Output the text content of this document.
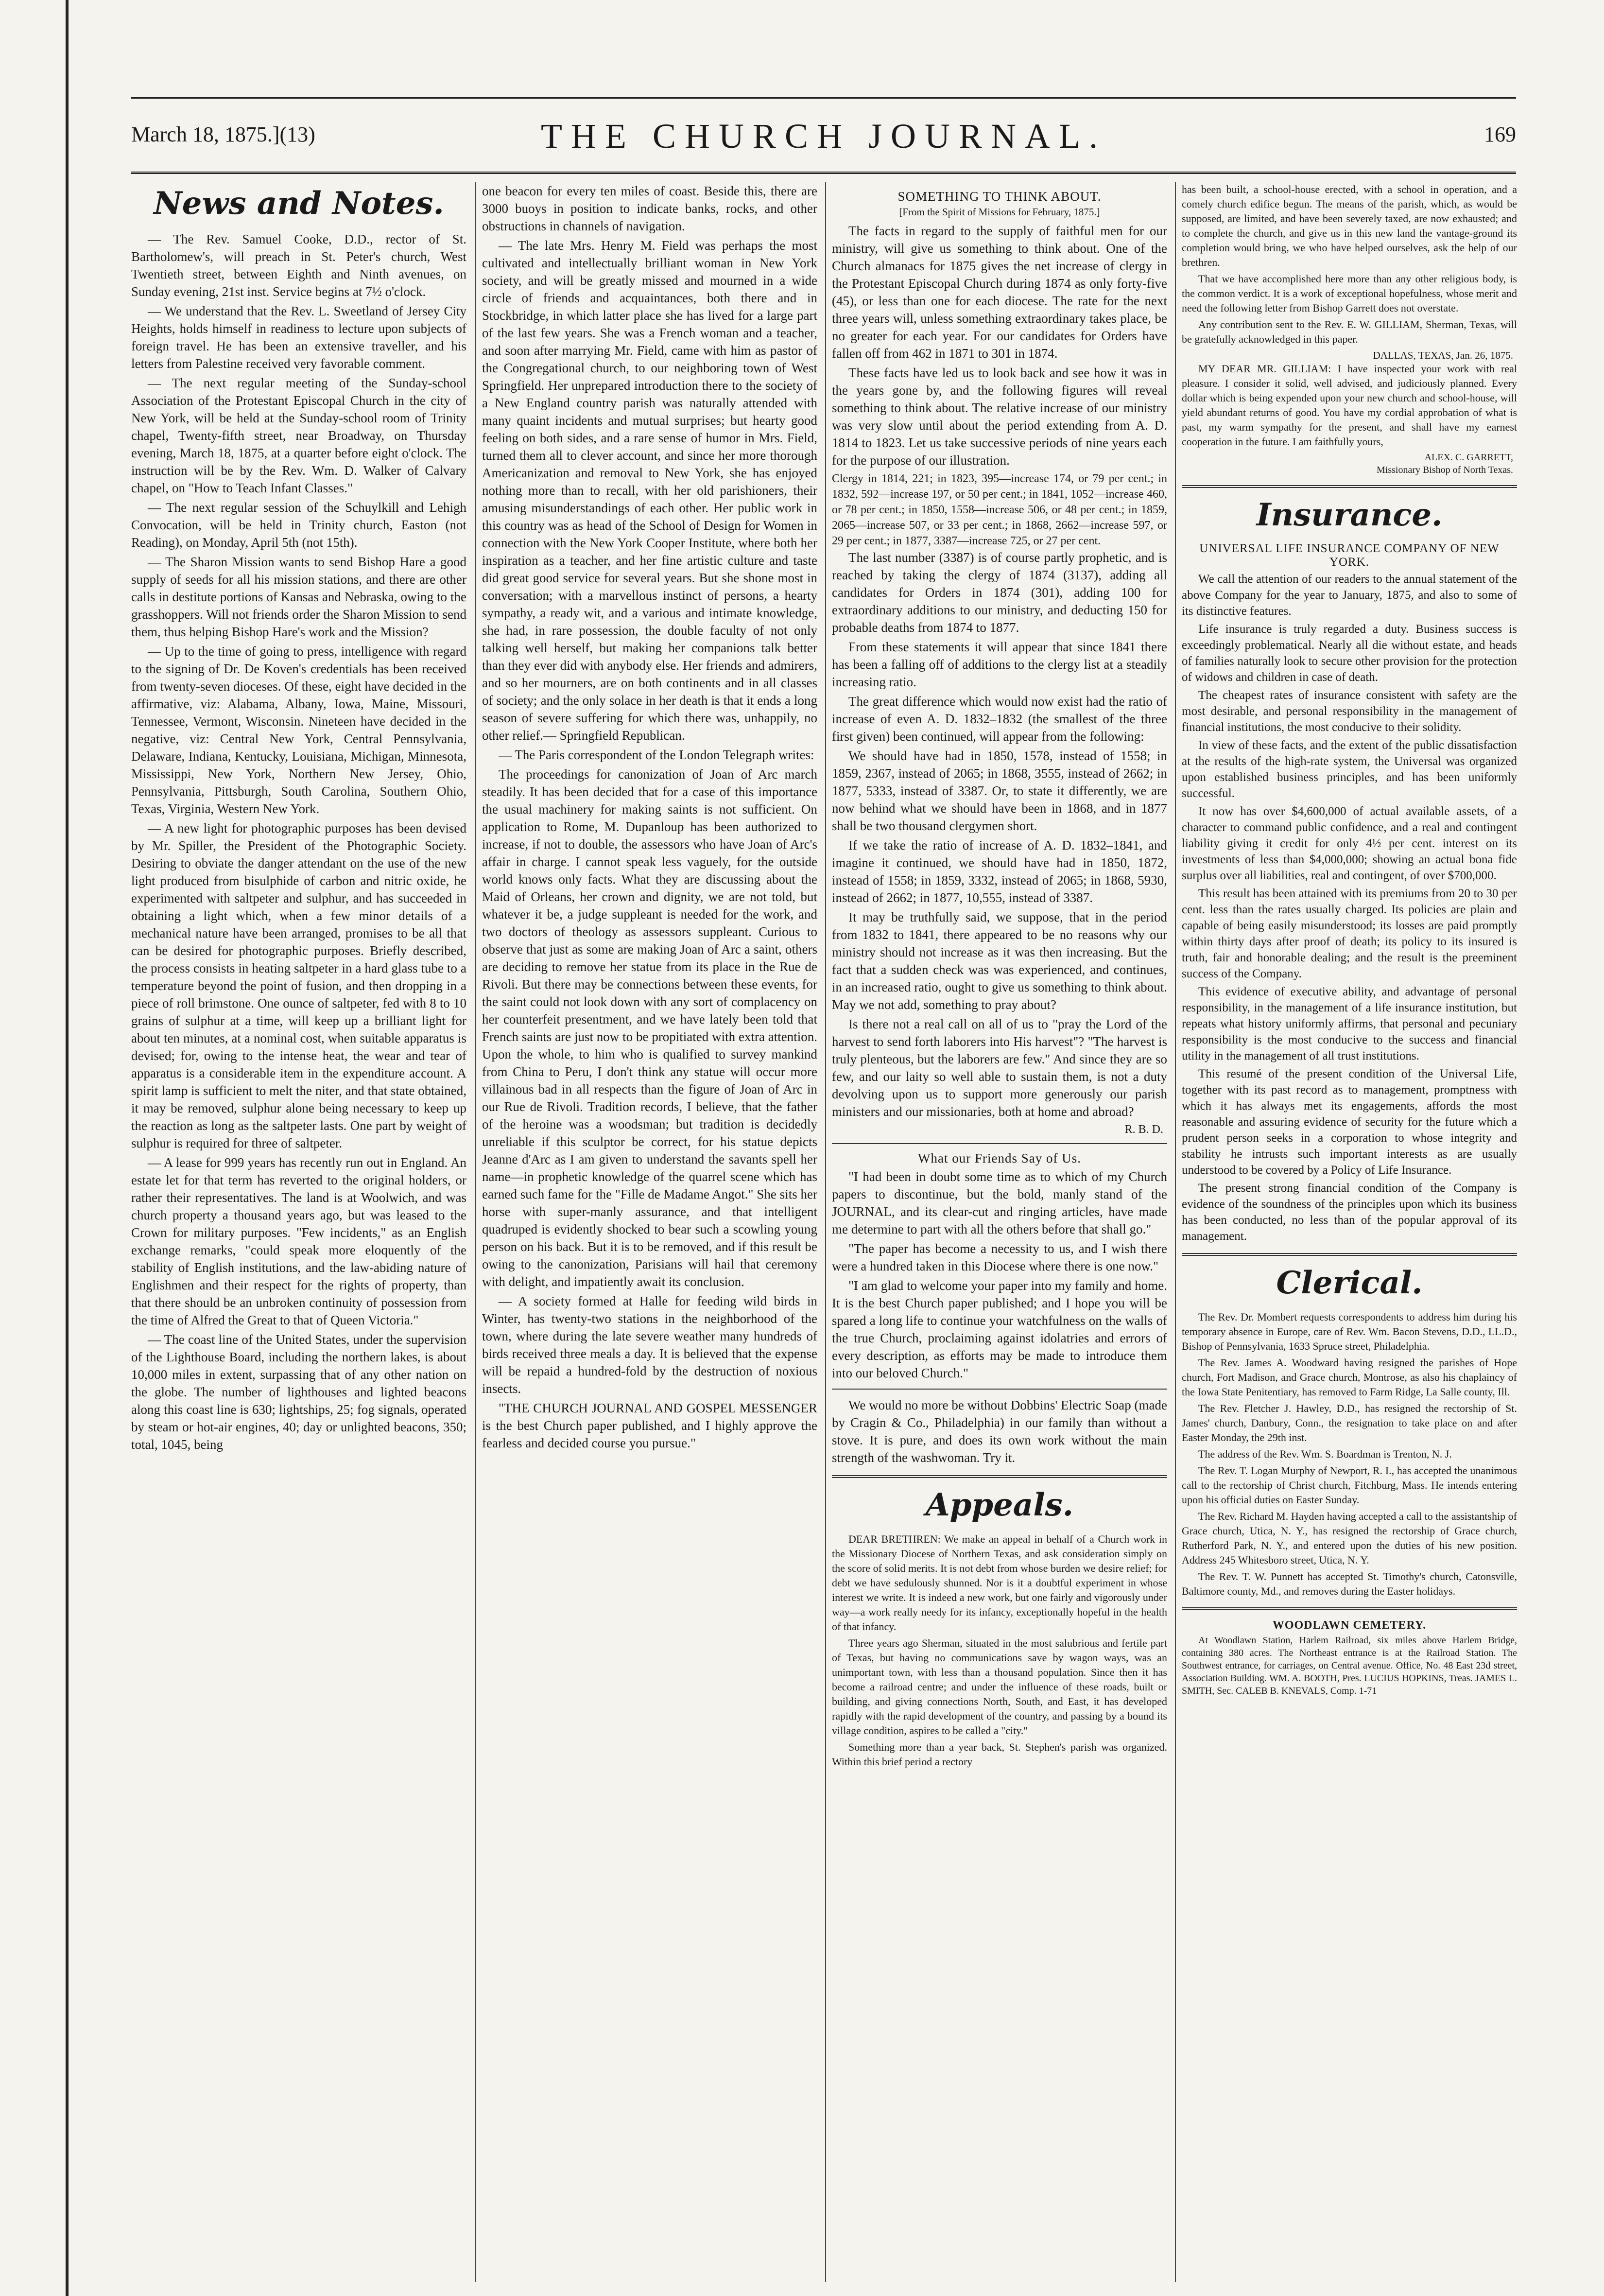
March 18, 1875.](13)	THE CHURCH JOURNAL.	169
News and Notes.

— The Rev. Samuel Cooke, D.D., rector of St. Bartholomew's, will preach in St. Peter's church, West Twentieth street, between Eighth and Ninth avenues, on Sunday evening, 21st inst. Service begins at 7½ o'clock.

— We understand that the Rev. L. Sweetland of Jersey City Heights, holds himself in readiness to lecture upon subjects of foreign travel. He has been an extensive traveller, and his letters from Palestine received very favorable comment.

— The next regular meeting of the Sunday-school Association of the Protestant Episcopal Church in the city of New York, will be held at the Sunday-school room of Trinity chapel, Twenty-fifth street, near Broadway, on Thursday evening, March 18, 1875, at a quarter before eight o'clock. The instruction will be by the Rev. Wm. D. Walker of Calvary chapel, on "How to Teach Infant Classes."

— The next regular session of the Schuylkill and Lehigh Convocation, will be held in Trinity church, Easton (not Reading), on Monday, April 5th (not 15th).

— The Sharon Mission wants to send Bishop Hare a good supply of seeds for all his mission stations, and there are other calls in destitute portions of Kansas and Nebraska, owing to the grasshoppers. Will not friends order the Sharon Mission to send them, thus helping Bishop Hare's work and the Mission?

— Up to the time of going to press, intelligence with regard to the signing of Dr. De Koven's credentials has been received from twenty-seven dioceses. Of these, eight have decided in the affirmative, viz: Alabama, Albany, Iowa, Maine, Missouri, Tennessee, Vermont, Wisconsin. Nineteen have decided in the negative, viz: Central New York, Central Pennsylvania, Delaware, Indiana, Kentucky, Louisiana, Michigan, Minnesota, Mississippi, New York, Northern New Jersey, Ohio, Pennsylvania, Pittsburgh, South Carolina, Southern Ohio, Texas, Virginia, Western New York.

— A new light for photographic purposes has been devised by Mr. Spiller, the President of the Photographic Society. Desiring to obviate the danger attendant on the use of the new light produced from bisulphide of carbon and nitric oxide, he experimented with saltpeter and sulphur, and has succeeded in obtaining a light which, when a few minor details of a mechanical nature have been arranged, promises to be all that can be desired for photographic purposes. Briefly described, the process consists in heating saltpeter in a hard glass tube to a temperature beyond the point of fusion, and then dropping in a piece of roll brimstone. One ounce of saltpeter, fed with 8 to 10 grains of sulphur at a time, will keep up a brilliant light for about ten minutes, at a nominal cost, when suitable apparatus is devised; for, owing to the intense heat, the wear and tear of apparatus is a considerable item in the expenditure account. A spirit lamp is sufficient to melt the niter, and that state obtained, it may be removed, sulphur alone being necessary to keep up the reaction as long as the saltpeter lasts. One part by weight of sulphur is required for three of saltpeter.

— A lease for 999 years has recently run out in England. An estate let for that term has reverted to the original holders, or rather their representatives. The land is at Woolwich, and was church property a thousand years ago, but was leased to the Crown for military purposes. "Few incidents," as an English exchange remarks, "could speak more eloquently of the stability of English institutions, and the law-abiding nature of Englishmen and their respect for the rights of property, than that there should be an unbroken continuity of possession from the time of Alfred the Great to that of Queen Victoria."

— The coast line of the United States, under the supervision of the Lighthouse Board, including the northern lakes, is about 10,000 miles in extent, surpassing that of any other nation on the globe. The number of lighthouses and lighted beacons along this coast line is 630; lightships, 25; fog signals, operated by steam or hot-air engines, 40; day or unlighted beacons, 350; total, 1045, being

one beacon for every ten miles of coast. Beside this, there are 3000 buoys in position to indicate banks, rocks, and other obstructions in channels of navigation.

— The late Mrs. Henry M. Field was perhaps the most cultivated and intellectually brilliant woman in New York society, and will be greatly missed and mourned in a wide circle of friends and acquaintances, both there and in Stockbridge, in which latter place she has lived for a large part of the last few years. She was a French woman and a teacher, and soon after marrying Mr. Field, came with him as pastor of the Congregational church, to our neighboring town of West Springfield. Her unprepared introduction there to the society of a New England country parish was naturally attended with many quaint incidents and mutual surprises; but hearty good feeling on both sides, and a rare sense of humor in Mrs. Field, turned them all to clever account, and since her more thorough Americanization and removal to New York, she has enjoyed nothing more than to recall, with her old parishioners, their amusing misunderstandings of each other. Her public work in this country was as head of the School of Design for Women in connection with the New York Cooper Institute, where both her inspiration as a teacher, and her fine artistic culture and taste did great good service for several years. But she shone most in conversation; with a marvellous instinct of persons, a hearty sympathy, a ready wit, and a various and intimate knowledge, she had, in rare possession, the double faculty of not only talking well herself, but making her companions talk better than they ever did with anybody else. Her friends and admirers, and so her mourners, are on both continents and in all classes of society; and the only solace in her death is that it ends a long season of severe suffering for which there was, unhappily, no other relief.— Springfield Republican.

— The Paris correspondent of the London Telegraph writes:

The proceedings for canonization of Joan of Arc march steadily. It has been decided that for a case of this importance the usual machinery for making saints is not sufficient. On application to Rome, M. Dupanloup has been authorized to increase, if not to double, the assessors who have Joan of Arc's affair in charge. I cannot speak less vaguely, for the outside world knows only facts. What they are discussing about the Maid of Orleans, her crown and dignity, we are not told, but whatever it be, a judge suppleant is needed for the work, and two doctors of theology as assessors suppleant. Curious to observe that just as some are making Joan of Arc a saint, others are deciding to remove her statue from its place in the Rue de Rivoli. But there may be connections between these events, for the saint could not look down with any sort of complacency on her counterfeit presentment, and we have lately been told that French saints are just now to be propitiated with extra attention. Upon the whole, to him who is qualified to survey mankind from China to Peru, I don't think any statue will occur more villainous bad in all respects than the figure of Joan of Arc in our Rue de Rivoli. Tradition records, I believe, that the father of the heroine was a woodsman; but tradition is decidedly unreliable if this sculptor be correct, for his statue depicts Jeanne d'Arc as I am given to understand the savants spell her name—in prophetic knowledge of the quarrel scene which has earned such fame for the "Fille de Madame Angot." She sits her horse with super-manly assurance, and that intelligent quadruped is evidently shocked to bear such a scowling young person on his back. But it is to be removed, and if this result be owing to the canonization, Parisians will hail that ceremony with delight, and impatiently await its conclusion.

— A society formed at Halle for feeding wild birds in Winter, has twenty-two stations in the neighborhood of the town, where during the late severe weather many hundreds of birds received three meals a day. It is believed that the expense will be repaid a hundred-fold by the destruction of noxious insects.

"THE CHURCH JOURNAL AND GOSPEL MESSENGER is the best Church paper published, and I highly approve the fearless and decided course you pursue."

SOMETHING TO THINK ABOUT.
[From the Spirit of Missions for February, 1875.]

The facts in regard to the supply of faithful men for our ministry, will give us something to think about. One of the Church almanacs for 1875 gives the net increase of clergy in the Protestant Episcopal Church during 1874 as only forty-five (45), or less than one for each diocese. The rate for the next three years will, unless something extraordinary takes place, be no greater for each year. For our candidates for Orders have fallen off from 462 in 1871 to 301 in 1874.

These facts have led us to look back and see how it was in the years gone by, and the following figures will reveal something to think about. The relative increase of our ministry was very slow until about the period extending from A. D. 1814 to 1823. Let us take successive periods of nine years each for the purpose of our illustration.

Clergy in 1814, 221; in 1823, 395—increase 174, or 79 per cent.; in 1832, 592—increase 197, or 50 per cent.; in 1841, 1052—increase 460, or 78 per cent.; in 1850, 1558—increase 506, or 48 per cent.; in 1859, 2065—increase 507, or 33 per cent.; in 1868, 2662—increase 597, or 29 per cent.; in 1877, 3387—increase 725, or 27 per cent.

The last number (3387) is of course partly prophetic, and is reached by taking the clergy of 1874 (3137), adding all candidates for Orders in 1874 (301), adding 100 for extraordinary additions to our ministry, and deducting 150 for probable deaths from 1874 to 1877.

From these statements it will appear that since 1841 there has been a falling off of additions to the clergy list at a steadily increasing ratio.

The great difference which would now exist had the ratio of increase of even A. D. 1832–1832 (the smallest of the three first given) been continued, will appear from the following:

We should have had in 1850, 1578, instead of 1558; in 1859, 2367, instead of 2065; in 1868, 3555, instead of 2662; in 1877, 5333, instead of 3387. Or, to state it differently, we are now behind what we should have been in 1868, and in 1877 shall be two thousand clergymen short.

If we take the ratio of increase of A. D. 1832–1841, and imagine it continued, we should have had in 1850, 1872, instead of 1558; in 1859, 3332, instead of 2065; in 1868, 5930, instead of 2662; in 1877, 10,555, instead of 3387.

It may be truthfully said, we suppose, that in the period from 1832 to 1841, there appeared to be no reasons why our ministry should not increase as it was then increasing. But the fact that a sudden check was was experienced, and continues, in an increased ratio, ought to give us something to think about. May we not add, something to pray about?

Is there not a real call on all of us to "pray the Lord of the harvest to send forth laborers into His harvest"? "The harvest is truly plenteous, but the laborers are few." And since they are so few, and our laity so well able to sustain them, is not a duty devolving upon us to support more generously our parish ministers and our missionaries, both at home and abroad?

R. B. D.
What our Friends Say of Us.

"I had been in doubt some time as to which of my Church papers to discontinue, but the bold, manly stand of the JOURNAL, and its clear-cut and ringing articles, have made me determine to part with all the others before that shall go."

"The paper has become a necessity to us, and I wish there were a hundred taken in this Diocese where there is one now."

"I am glad to welcome your paper into my family and home. It is the best Church paper published; and I hope you will be spared a long life to continue your watchfulness on the walls of the true Church, proclaiming against idolatries and errors of every description, as efforts may be made to introduce them into our beloved Church."

We would no more be without Dobbins' Electric Soap (made by Cragin & Co., Philadelphia) in our family than without a stove. It is pure, and does its own work without the main strength of the washwoman. Try it.

Appeals.

DEAR BRETHREN: We make an appeal in behalf of a Church work in the Missionary Diocese of Northern Texas, and ask consideration simply on the score of solid merits. It is not debt from whose burden we desire relief; for debt we have sedulously shunned. Nor is it a doubtful experiment in whose interest we write. It is indeed a new work, but one fairly and vigorously under way—a work really needy for its infancy, exceptionally hopeful in the health of that infancy.

Three years ago Sherman, situated in the most salubrious and fertile part of Texas, but having no communications save by wagon ways, was an unimportant town, with less than a thousand population. Since then it has become a railroad centre; and under the influence of these roads, built or building, and giving connections North, South, and East, it has developed rapidly with the rapid development of the country, and passing by a bound its village condition, aspires to be called a "city."

Something more than a year back, St. Stephen's parish was organized. Within this brief period a rectory

has been built, a school-house erected, with a school in operation, and a comely church edifice begun. The means of the parish, which, as would be supposed, are limited, and have been severely taxed, are now exhausted; and to complete the church, and give us in this new land the vantage-ground its completion would bring, we who have helped ourselves, ask the help of our brethren.

That we have accomplished here more than any other religious body, is the common verdict. It is a work of exceptional hopefulness, whose merit and need the following letter from Bishop Garrett does not overstate.

Any contribution sent to the Rev. E. W. GILLIAM, Sherman, Texas, will be gratefully acknowledged in this paper.

DALLAS, TEXAS, Jan. 26, 1875.

MY DEAR MR. GILLIAM: I have inspected your work with real pleasure. I consider it solid, well advised, and judiciously planned. Every dollar which is being expended upon your new church and school-house, will yield abundant returns of good. You have my cordial approbation of what is past, my warm sympathy for the present, and shall have my earnest cooperation in the future. I am faithfully yours,

ALEX. C. GARRETT,
Missionary Bishop of North Texas.
Insurance.
UNIVERSAL LIFE INSURANCE COMPANY OF NEW YORK.

We call the attention of our readers to the annual statement of the above Company for the year to January, 1875, and also to some of its distinctive features.

Life insurance is truly regarded a duty. Business success is exceedingly problematical. Nearly all die without estate, and heads of families naturally look to secure other provision for the protection of widows and children in case of death.

The cheapest rates of insurance consistent with safety are the most desirable, and personal responsibility in the management of financial institutions, the most conducive to their solidity.

In view of these facts, and the extent of the public dissatisfaction at the results of the high-rate system, the Universal was organized upon established business principles, and has been uniformly successful.

It now has over $4,600,000 of actual available assets, of a character to command public confidence, and a real and contingent liability giving it credit for only 4½ per cent. interest on its investments of less than $4,000,000; showing an actual bona fide surplus over all liabilities, real and contingent, of over $700,000.

This result has been attained with its premiums from 20 to 30 per cent. less than the rates usually charged. Its policies are plain and capable of being easily misunderstood; its losses are paid promptly within thirty days after proof of death; its policy to its insured is truth, fair and honorable dealing; and the result is the preeminent success of the Company.

This evidence of executive ability, and advantage of personal responsibility, in the management of a life insurance institution, but repeats what history uniformly affirms, that personal and pecuniary responsibility is the most conducive to the success and financial utility in the management of all trust institutions.

This resumé of the present condition of the Universal Life, together with its past record as to management, promptness with which it has always met its engagements, affords the most reasonable and assuring evidence of security for the future which a prudent person seeks in a corporation to whose integrity and stability he intrusts such important interests as are usually understood to be covered by a Policy of Life Insurance.

The present strong financial condition of the Company is evidence of the soundness of the principles upon which its business has been conducted, no less than of the popular approval of its management.

Clerical.

The Rev. Dr. Mombert requests correspondents to address him during his temporary absence in Europe, care of Rev. Wm. Bacon Stevens, D.D., LL.D., Bishop of Pennsylvania, 1633 Spruce street, Philadelphia.

The Rev. James A. Woodward having resigned the parishes of Hope church, Fort Madison, and Grace church, Montrose, as also his chaplaincy of the Iowa State Penitentiary, has removed to Farm Ridge, La Salle county, Ill.

The Rev. Fletcher J. Hawley, D.D., has resigned the rectorship of St. James' church, Danbury, Conn., the resignation to take place on and after Easter Monday, the 29th inst.

The address of the Rev. Wm. S. Boardman is Trenton, N. J.

The Rev. T. Logan Murphy of Newport, R. I., has accepted the unanimous call to the rectorship of Christ church, Fitchburg, Mass. He intends entering upon his official duties on Easter Sunday.

The Rev. Richard M. Hayden having accepted a call to the assistantship of Grace church, Utica, N. Y., has resigned the rectorship of Grace church, Rutherford Park, N. Y., and entered upon the duties of his new position. Address 245 Whitesboro street, Utica, N. Y.

The Rev. T. W. Punnett has accepted St. Timothy's church, Catonsville, Baltimore county, Md., and removes during the Easter holidays.

WOODLAWN CEMETERY.

At Woodlawn Station, Harlem Railroad, six miles above Harlem Bridge, containing 380 acres. The Northeast entrance is at the Railroad Station. The Southwest entrance, for carriages, on Central avenue. Office, No. 48 East 23d street, Association Building. WM. A. BOOTH, Pres. LUCIUS HOPKINS, Treas. JAMES L. SMITH, Sec. CALEB B. KNEVALS, Comp. 1-71
